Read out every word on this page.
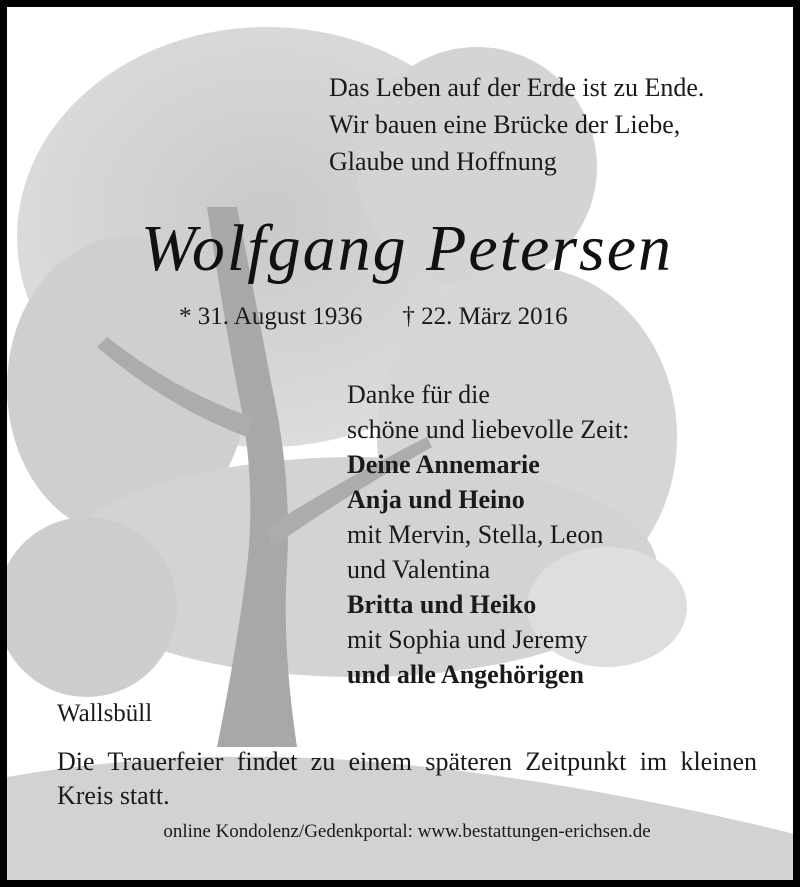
Das Leben auf der Erde ist zu Ende.
Wir bauen eine Brücke der Liebe,
Glaube und Hoffnung
Wolfgang Petersen
* 31. August 1936 † 22. März 2016
Danke für die
schöne und liebevolle Zeit:
Deine Annemarie
Anja und Heino
mit Mervin, Stella, Leon
und Valentina
Britta und Heiko
mit Sophia und Jeremy
und alle Angehörigen
Wallsbüll
Die Trauerfeier findet zu einem späteren Zeitpunkt im kleinen Kreis statt.
online Kondolenz/Gedenkportal: www.bestattungen-erichsen.de
